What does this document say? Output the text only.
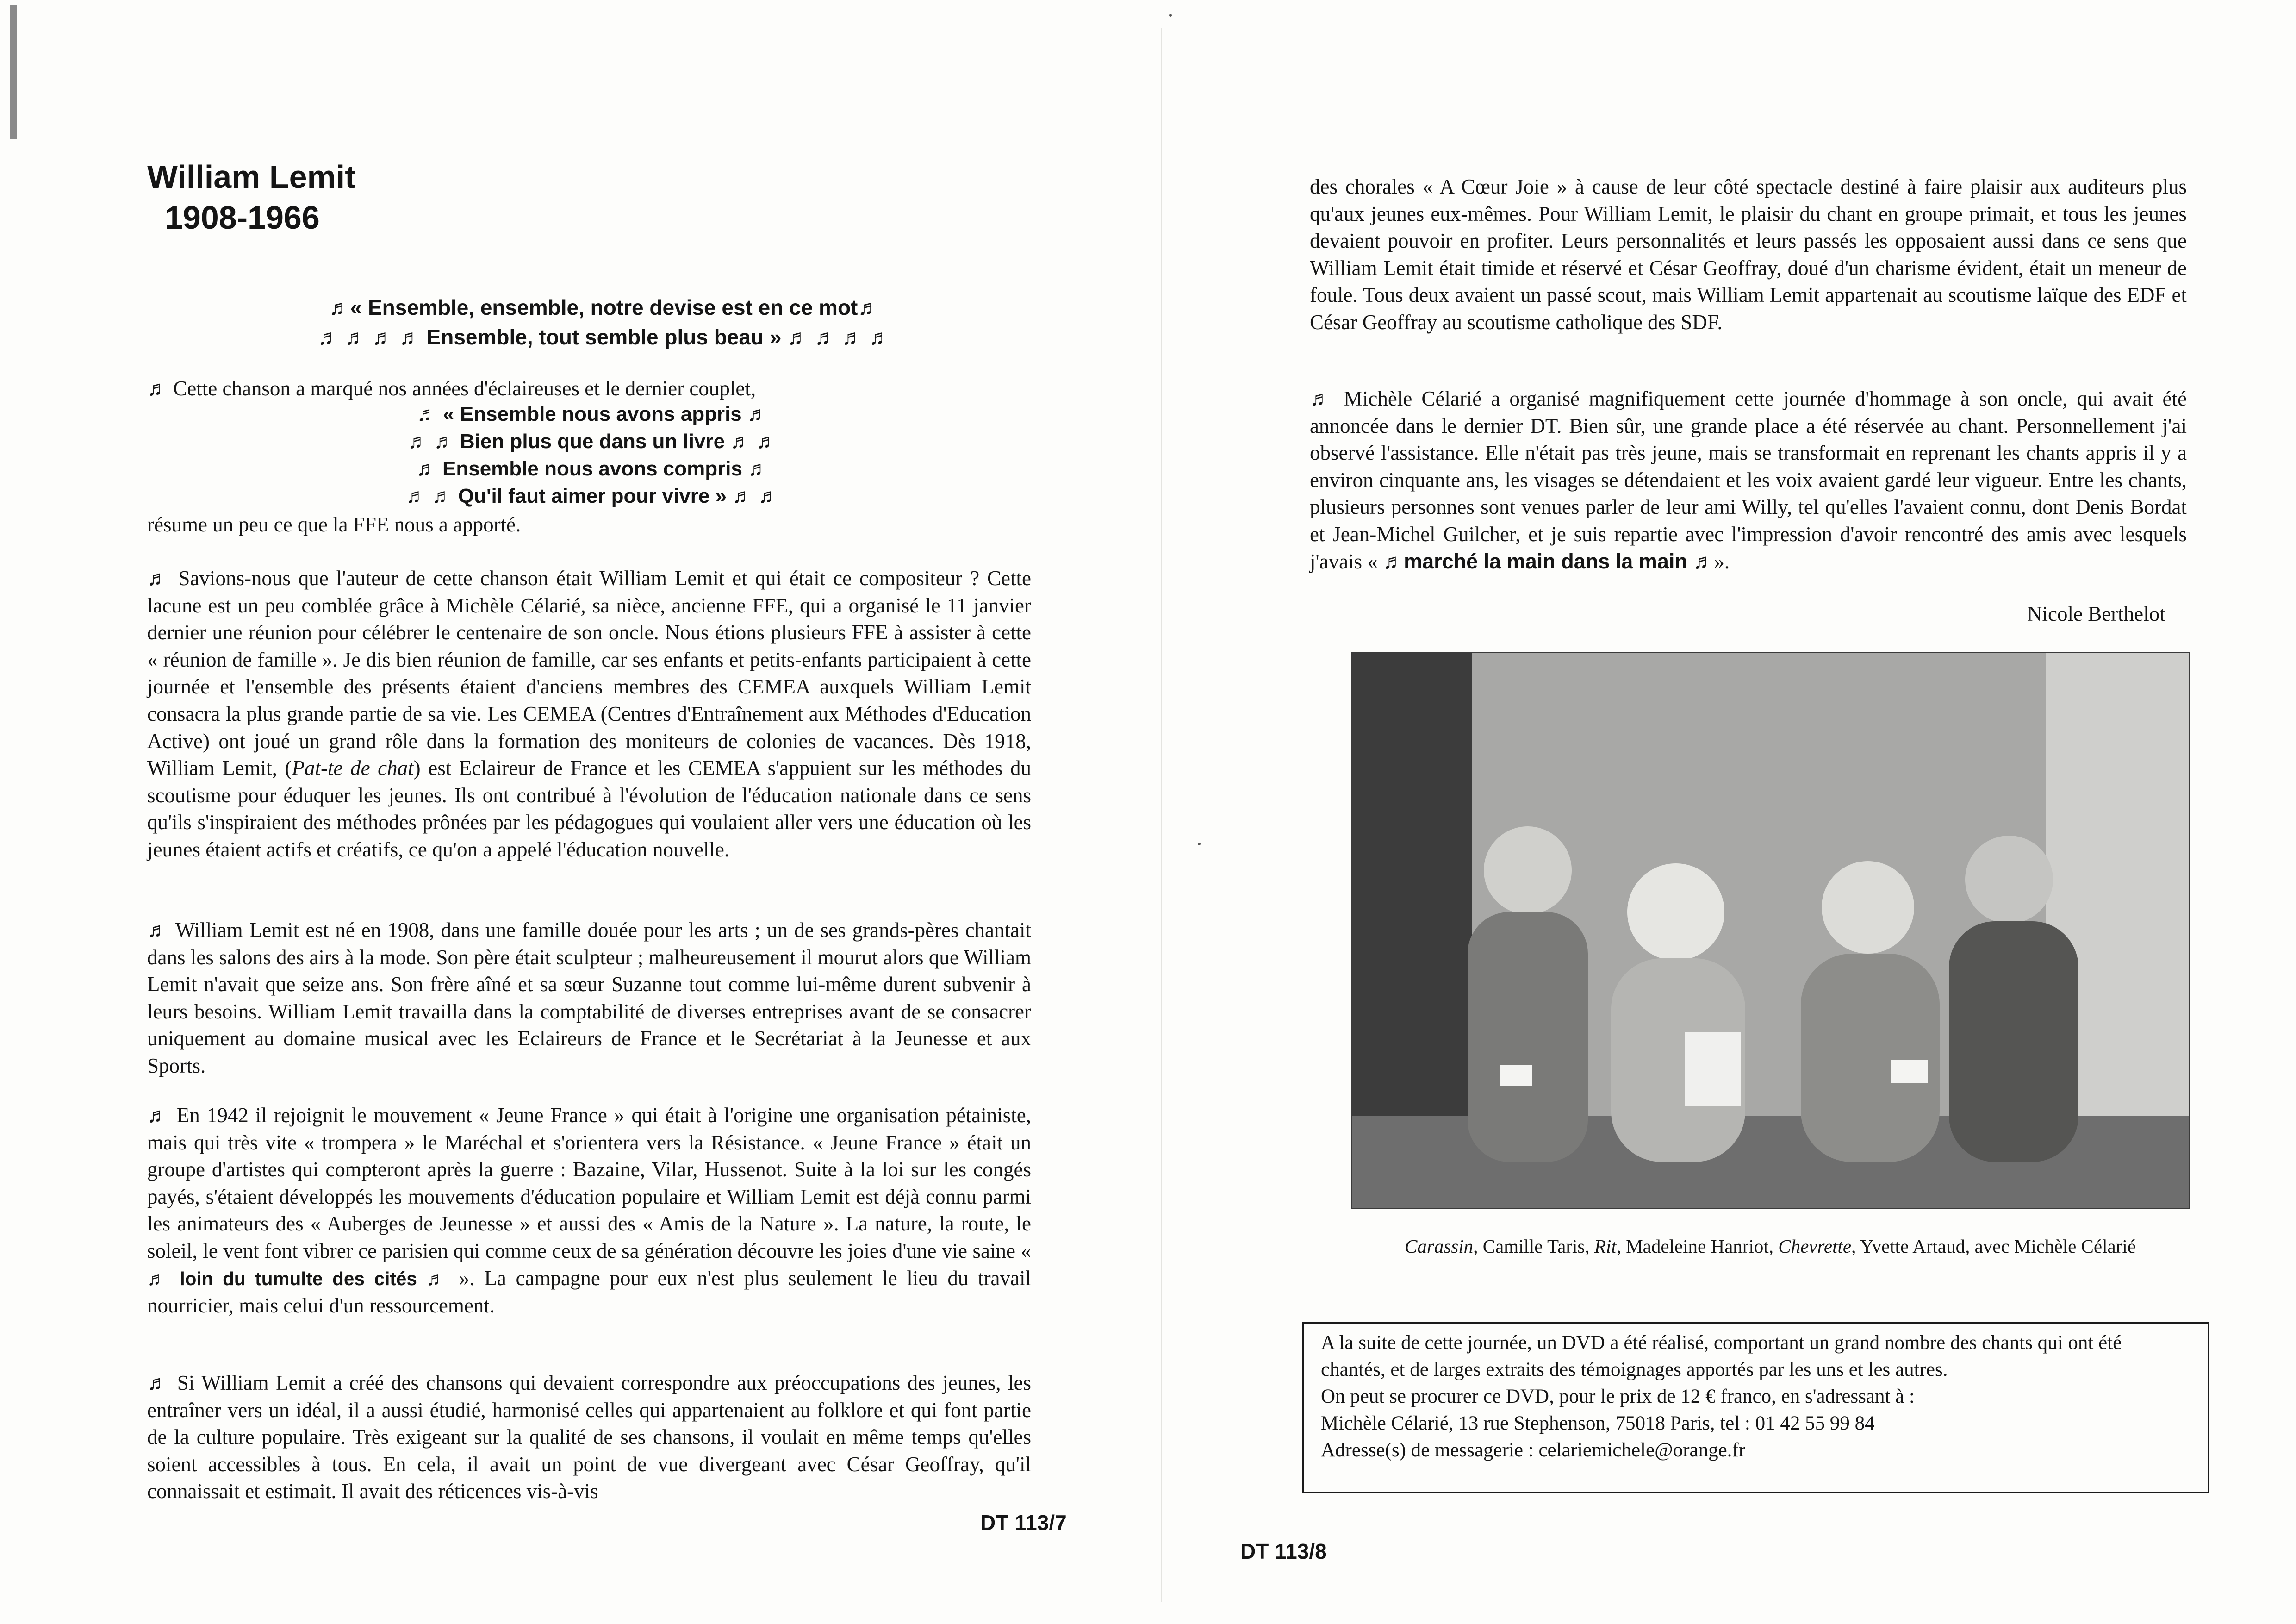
William Lemit
1908-1966

♬« Ensemble, ensemble, notre devise est en ce mot♬

♬ ♬ ♬ ♬ Ensemble, tout semble plus beau » ♬ ♬ ♬ ♬

♬ Cette chanson a marqué nos années d'éclaireuses et le dernier couplet,

♬ « Ensemble nous avons appris ♬

♬ ♬ Bien plus que dans un livre ♬ ♬

♬ Ensemble nous avons compris ♬

♬ ♬ Qu'il faut aimer pour vivre » ♬ ♬

résume un peu ce que la FFE nous a apporté.

♬ Savions-nous que l'auteur de cette chanson était William Lemit et qui était ce compositeur ? Cette lacune est un peu comblée grâce à Michèle Célarié, sa nièce, ancienne FFE, qui a organisé le 11 janvier dernier une réunion pour célébrer le centenaire de son oncle. Nous étions plusieurs FFE à assister à cette « réunion de famille ». Je dis bien réunion de famille, car ses enfants et petits-enfants participaient à cette journée et l'ensemble des présents étaient d'anciens membres des CEMEA auxquels William Lemit consacra la plus grande partie de sa vie. Les CEMEA (Centres d'Entraînement aux Méthodes d'Education Active) ont joué un grand rôle dans la formation des moniteurs de colonies de vacances. Dès 1918, William Lemit, (Pat-te de chat) est Eclaireur de France et les CEMEA s'appuient sur les méthodes du scoutisme pour éduquer les jeunes. Ils ont contribué à l'évolution de l'éducation nationale dans ce sens qu'ils s'inspiraient des méthodes prônées par les pédagogues qui voulaient aller vers une éducation où les jeunes étaient actifs et créatifs, ce qu'on a appelé l'éducation nouvelle.

♬ William Lemit est né en 1908, dans une famille douée pour les arts ; un de ses grands-pères chantait dans les salons des airs à la mode. Son père était sculpteur ; malheureusement il mourut alors que William Lemit n'avait que seize ans. Son frère aîné et sa sœur Suzanne tout comme lui-même durent subvenir à leurs besoins. William Lemit travailla dans la comptabilité de diverses entreprises avant de se consacrer uniquement au domaine musical avec les Eclaireurs de France et le Secrétariat à la Jeunesse et aux Sports.

♬ En 1942 il rejoignit le mouvement « Jeune France » qui était à l'origine une organisation pétainiste, mais qui très vite « trompera » le Maréchal et s'orientera vers la Résistance. « Jeune France » était un groupe d'artistes qui compteront après la guerre : Bazaine, Vilar, Hussenot. Suite à la loi sur les congés payés, s'étaient développés les mouvements d'éducation populaire et William Lemit est déjà connu parmi les animateurs des « Auberges de Jeunesse » et aussi des « Amis de la Nature ». La nature, la route, le soleil, le vent font vibrer ce parisien qui comme ceux de sa génération découvre les joies d'une vie saine « ♬ loin du tumulte des cités ♬ ». La campagne pour eux n'est plus seulement le lieu du travail nourricier, mais celui d'un ressourcement.

♬ Si William Lemit a créé des chansons qui devaient correspondre aux préoccupations des jeunes, les entraîner vers un idéal, il a aussi étudié, harmonisé celles qui appartenaient au folklore et qui font partie de la culture populaire. Très exigeant sur la qualité de ses chansons, il voulait en même temps qu'elles soient accessibles à tous. En cela, il avait un point de vue divergeant avec César Geoffray, qu'il connaissait et estimait. Il avait des réticences vis-à-vis

DT 113/7

des chorales « A Cœur Joie » à cause de leur côté spectacle destiné à faire plaisir aux auditeurs plus qu'aux jeunes eux-mêmes. Pour William Lemit, le plaisir du chant en groupe primait, et tous les jeunes devaient pouvoir en profiter. Leurs personnalités et leurs passés les opposaient aussi dans ce sens que William Lemit était timide et réservé et César Geoffray, doué d'un charisme évident, était un meneur de foule. Tous deux avaient un passé scout, mais William Lemit appartenait au scoutisme laïque des EDF et César Geoffray au scoutisme catholique des SDF.

♬ Michèle Célarié a organisé magnifiquement cette journée d'hommage à son oncle, qui avait été annoncée dans le dernier DT. Bien sûr, une grande place a été réservée au chant. Personnellement j'ai observé l'assistance. Elle n'était pas très jeune, mais se transformait en reprenant les chants appris il y a environ cinquante ans, les visages se détendaient et les voix avaient gardé leur vigueur. Entre les chants, plusieurs personnes sont venues parler de leur ami Willy, tel qu'elles l'avaient connu, dont Denis Bordat et Jean-Michel Guilcher, et je suis repartie avec l'impression d'avoir rencontré des amis avec lesquels j'avais « ♬marché la main dans la main ♬».

Nicole Berthelot
Carassin, Camille Taris, Rit, Madeleine Hanriot, Chevrette, Yvette Artaud, avec Michèle Célarié

A la suite de cette journée, un DVD a été réalisé, comportant un grand nombre des chants qui ont été chantés, et de larges extraits des témoignages apportés par les uns et les autres.

On peut se procurer ce DVD, pour le prix de 12 € franco, en s'adressant à :

Michèle Célarié, 13 rue Stephenson, 75018 Paris, tel : 01 42 55 99 84

Adresse(s) de messagerie : celariemichele@orange.fr

DT 113/8
